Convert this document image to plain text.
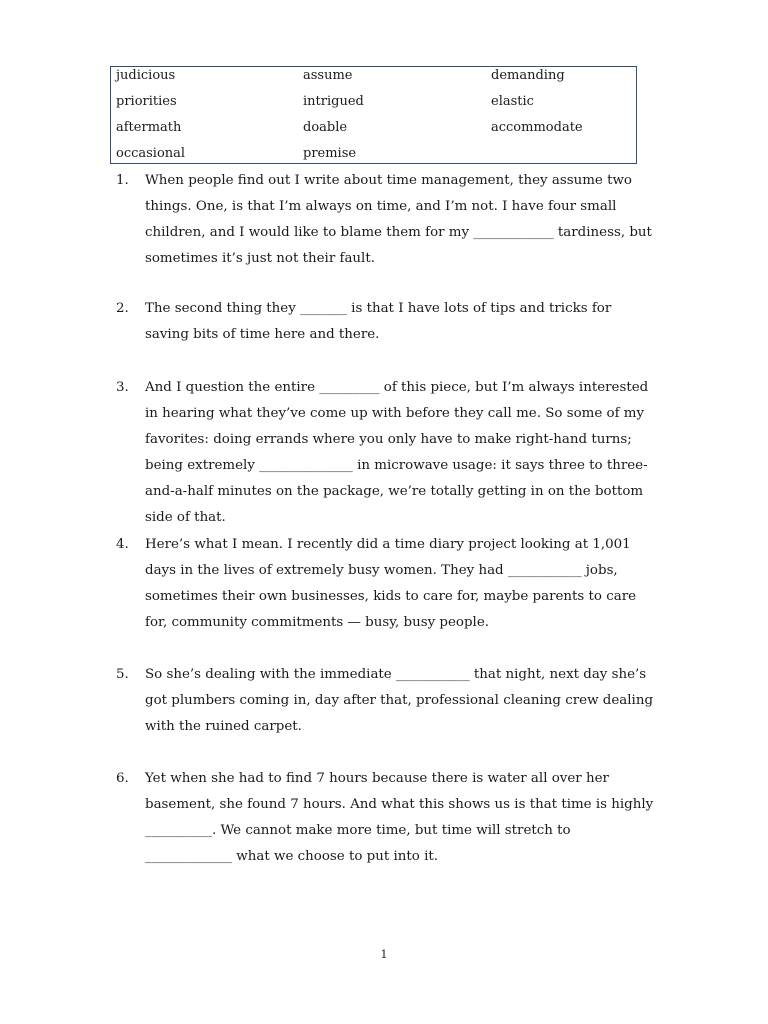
judicious	assume	demanding
priorities	intrigued	elastic
aftermath	doable	accommodate
occasional	premise
1. When people find out I write about time management, they assume two things. One, is that I’m always on time, and I’m not. I have four small children, and I would like to blame them for my ____________ tardiness, but sometimes it’s just not their fault.
2. The second thing they _______ is that I have lots of tips and tricks for saving bits of time here and there.
3. And I question the entire _________ of this piece, but I’m always interested in hearing what they’ve come up with before they call me. So some of my favorites: doing errands where you only have to make right-hand turns; being extremely ______________ in microwave usage: it says three to three-and-a-half minutes on the package, we’re totally getting in on the bottom side of that.
4. Here’s what I mean. I recently did a time diary project looking at 1,001 days in the lives of extremely busy women. They had ___________ jobs, sometimes their own businesses, kids to care for, maybe parents to care for, community commitments — busy, busy people.
5. So she’s dealing with the immediate ___________ that night, next day she’s got plumbers coming in, day after that, professional cleaning crew dealing with the ruined carpet.
6. Yet when she had to find 7 hours because there is water all over her basement, she found 7 hours. And what this shows us is that time is highly __________. We cannot make more time, but time will stretch to _____________ what we choose to put into it.
1
